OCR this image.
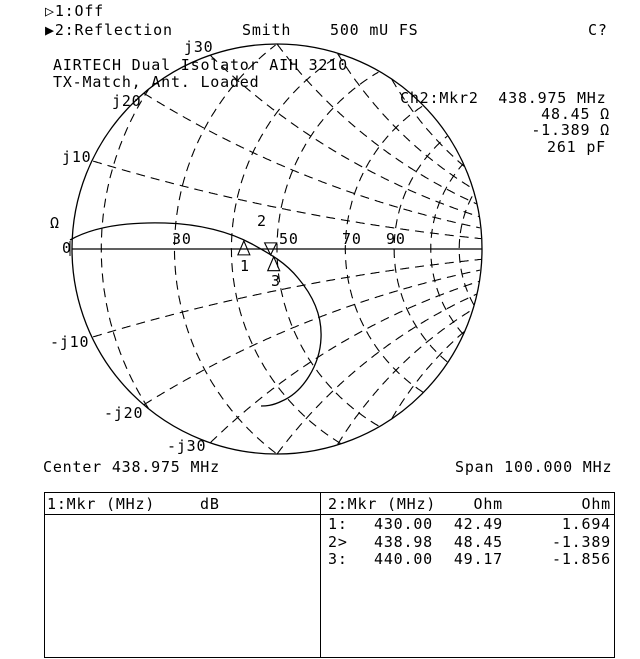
▷1:Off
▶2:Reflection	Smith	500 mU FS	C?
AIRTECH Dual Isolator AIH 3210
TX-Match, Ant. Loaded
Ch2:Mkr2  438.975 MHz
48.45 Ω
-1.389 Ω
261 pF
j30
j20
j10
Ω
0	30	50	70 90
-j10
-j20
-j30
1
2
3
Center 438.975 MHz	Span 100.000 MHz
1:Mkr (MHz)	dB	2:Mkr (MHz)	Ohm	Ohm
1:	430.00	42.49	1.694
2>	438.98	48.45	-1.389
3:	440.00	49.17	-1.856
